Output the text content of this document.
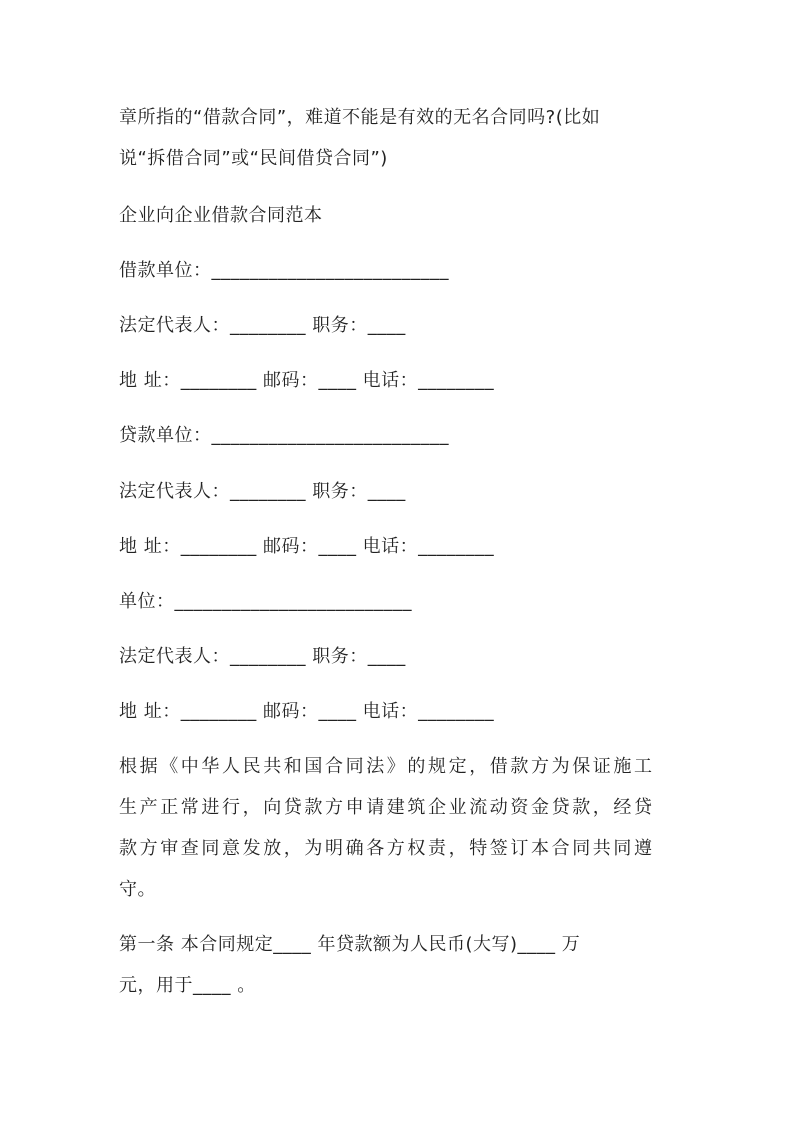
章所指的“借款合同”，难道不能是有效的无名合同吗?(比如
说“拆借合同”或“民间借贷合同”)
企业向企业借款合同范本
借款单位：_________________________
法定代表人：________ 职务：____
地 址：________ 邮码：____ 电话：________
贷款单位：_________________________
法定代表人：________ 职务：____
地 址：________ 邮码：____ 电话：________
单位：_________________________
法定代表人：________ 职务：____
地 址：________ 邮码：____ 电话：________
根据《中华人民共和国合同法》的规定，借款方为保证施工
生产正常进行，向贷款方申请建筑企业流动资金贷款，经贷
款方审查同意发放，为明确各方权责，特签订本合同共同遵
守。
第一条 本合同规定____ 年贷款额为人民币(大写)____ 万
元，用于____ 。
